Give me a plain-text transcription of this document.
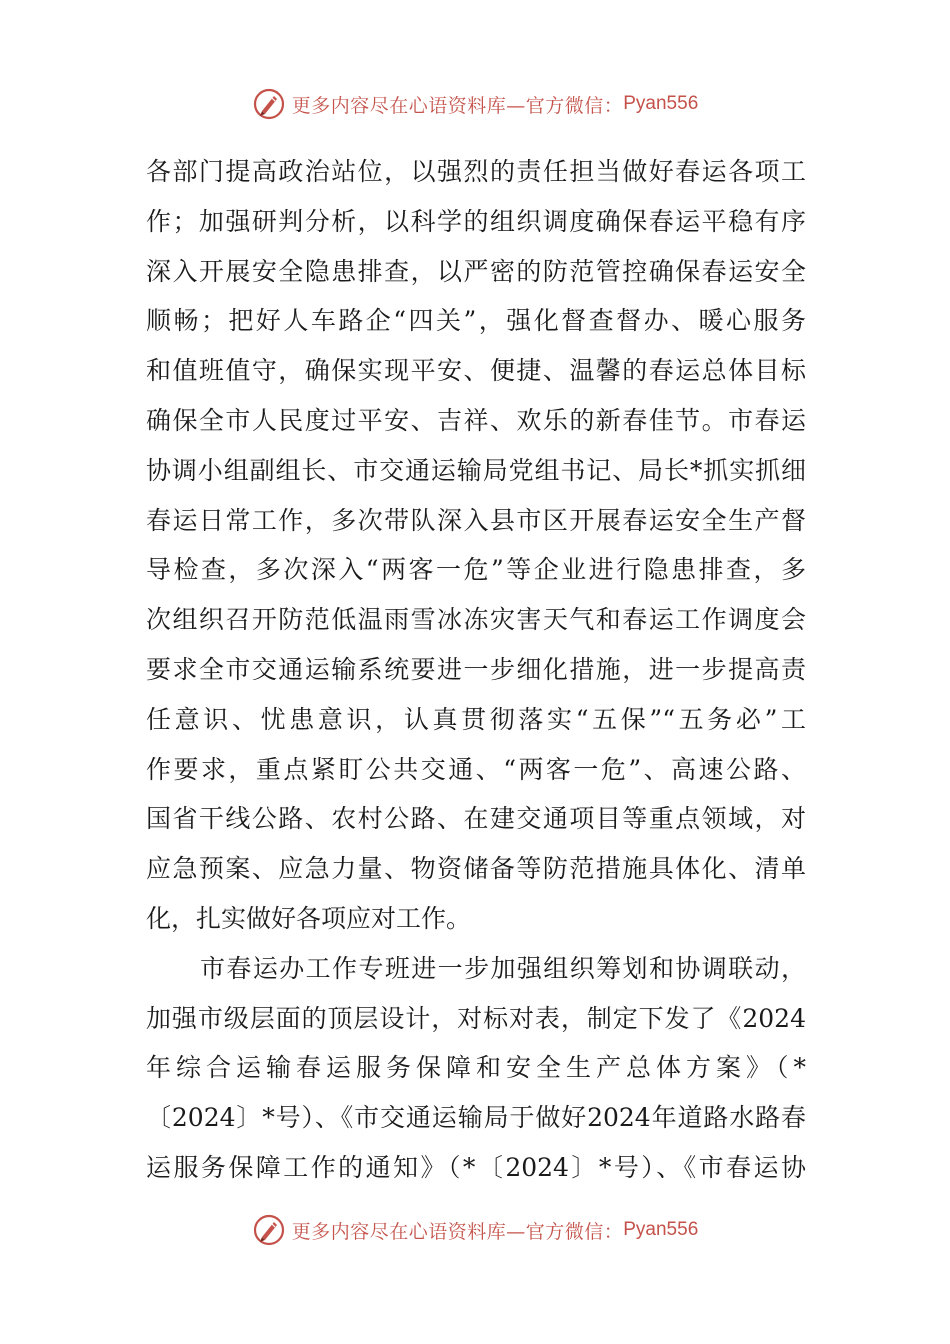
更多内容尽在心语资料库—官方微信： Pyan556
各部门提高政治站位，以强烈的责任担当做好春运各项工
作；加强研判分析，以科学的组织调度确保春运平稳有序
深入开展安全隐患排查，以严密的防范管控确保春运安全
顺畅；把好人车路企“四关”，强化督查督办、暖心服务
和值班值守，确保实现平安、便捷、温馨的春运总体目标
确保全市人民度过平安、吉祥、欢乐的新春佳节。市春运
协调小组副组长、市交通运输局党组书记、局长*抓实抓细
春运日常工作，多次带队深入县市区开展春运安全生产督
导检查，多次深入“两客一危”等企业进行隐患排查，多
次组织召开防范低温雨雪冰冻灾害天气和春运工作调度会
要求全市交通运输系统要进一步细化措施，进一步提高责
任意识、忧患意识，认真贯彻落实“五保”“五务必”工
作要求，重点紧盯公共交通、“两客一危”、高速公路、
国省干线公路、农村公路、在建交通项目等重点领域，对
应急预案、应急力量、物资储备等防范措施具体化、清单
化，扎实做好各项应对工作。
市春运办工作专班进一步加强组织筹划和协调联动，
加强市级层面的顶层设计，对标对表，制定下发了《2024
年综合运输春运服务保障和安全生产总体方案》（*
〔2024〕*号）、《市交通运输局于做好2024年道路水路春
运服务保障工作的通知》（*〔2024〕*号）、《市春运协
更多内容尽在心语资料库—官方微信： Pyan556
